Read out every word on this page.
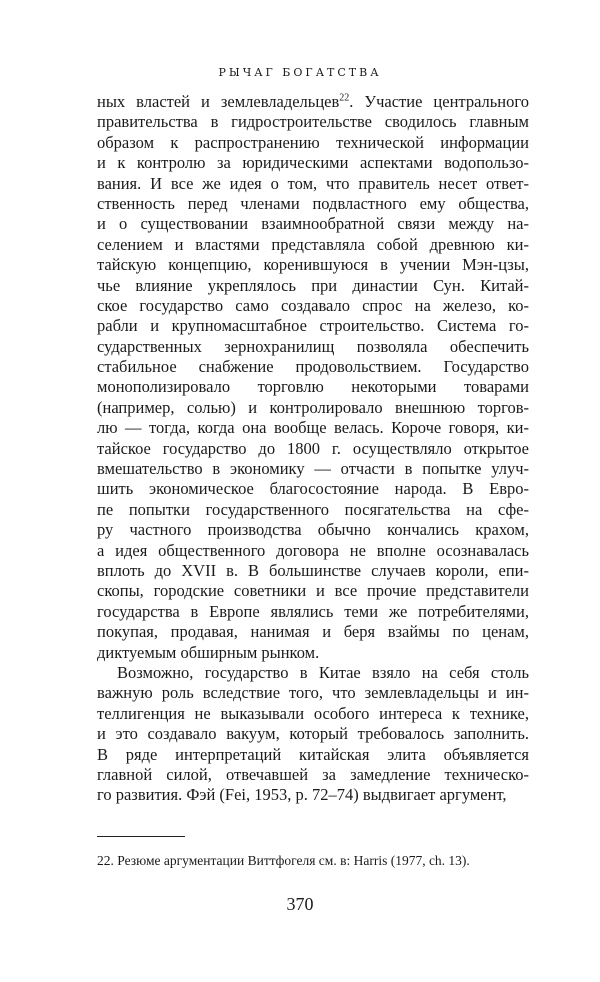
РЫЧАГ БОГАТСТВА
ных властей и землевладельцев$^{22}$. Участие центрального
правительства в гидростроительстве сводилось главным
образом к распространению технической информации
и к контролю за юридическими аспектами водопользо-
вания. И все же идея о том, что правитель несет ответ-
ственность перед членами подвластного ему общества,
и о существовании взаимнообратной связи между на-
селением и властями представляла собой древнюю ки-
тайскую концепцию, коренившуюся в учении Мэн-цзы,
чье влияние укреплялось при династии Сун. Китай-
ское государство само создавало спрос на железо, ко-
рабли и крупномасштабное строительство. Система го-
сударственных зернохранилищ позволяла обеспечить
стабильное снабжение продовольствием. Государство
монополизировало торговлю некоторыми товарами
(например, солью) и контролировало внешнюю торгов-
лю — тогда, когда она вообще велась. Короче говоря, ки-
тайское государство до 1800 г. осуществляло открытое
вмешательство в экономику — отчасти в попытке улуч-
шить экономическое благосостояние народа. В Евро-
пе попытки государственного посягательства на сфе-
ру частного производства обычно кончались крахом,
а идея общественного договора не вполне осознавалась
вплоть до XVII в. В большинстве случаев короли, епи-
скопы, городские советники и все прочие представители
государства в Европе являлись теми же потребителями,
покупая, продавая, нанимая и беря взаймы по ценам,
диктуемым обширным рынком.
Возможно, государство в Китае взяло на себя столь
важную роль вследствие того, что землевладельцы и ин-
теллигенция не выказывали особого интереса к технике,
и это создавало вакуум, который требовалось заполнить.
В ряде интерпретаций китайская элита объявляется
главной силой, отвечавшей за замедление техническо-
го развития. Фэй (Fei, 1953, p. 72–74) выдвигает аргумент,
22. Резюме аргументации Виттфогеля см. в: Harris (1977, ch. 13).
370
